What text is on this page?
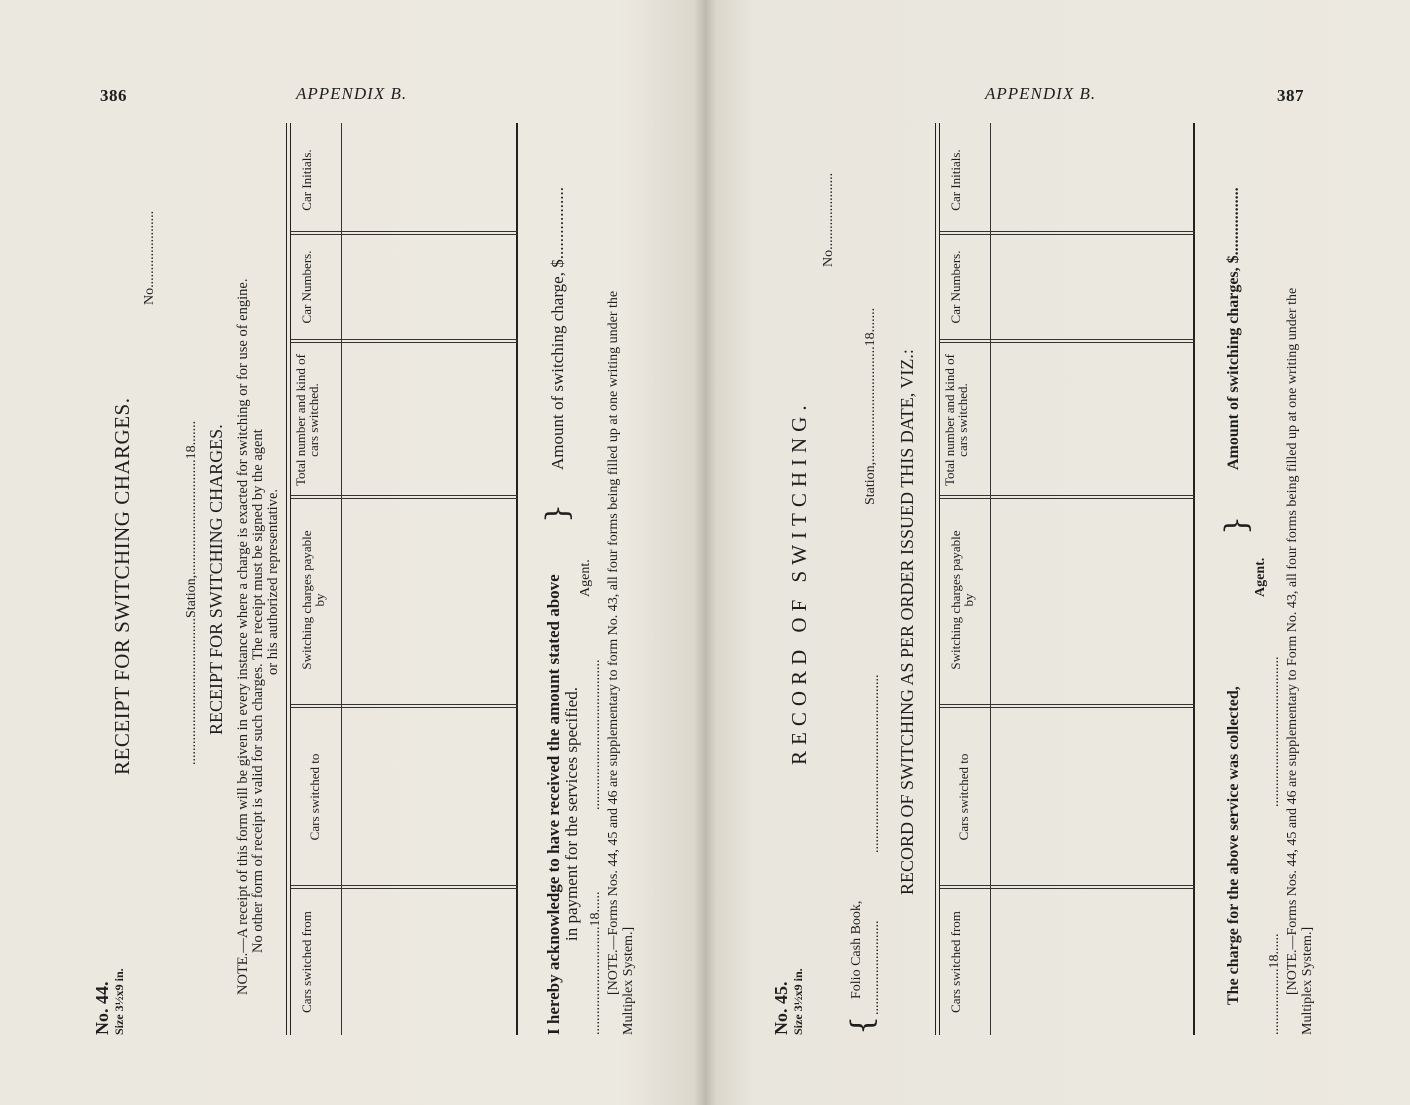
386	APPENDIX B.
No. 44. Size 3½x9 in.
RECEIPT FOR SWITCHING CHARGES.
No......................
..........................................Station,.................................18....... RECEIPT FOR SWITCHING CHARGES. NOTE.—A receipt of this form will be given in every instance where a charge is exacted for switching or for use of engine. No other form of receipt is valid for such charges. The receipt must be signed by the agent or his authorized representative.
Cars switched from
Cars switched to
Switching charges payable by
Total number and kind of cars switched.
Car Numbers.
Car Initials.
I hereby acknowledge to have received the amount stated above in payment for the services specified.
}
Amount of switching charge, $.................
...............................18......
...........................................
Agent. [NOTE.—Forms Nos. 44, 45 and 46 are supplementary to form No. 43, all four forms being filled up at one writing under the Multiplex System.]
APPENDIX B.	387
No. 45. Size 3½x9 in.
RECORD OF SWITCHING.
No......................
{
Folio Cash Book, ...........................
...................................................
Station,.................................18....... RECORD OF SWITCHING AS PER ORDER ISSUED THIS DATE, VIZ.:
Cars switched from
Cars switched to
Switching charges payable by
Total number and kind of cars switched.
Car Numbers.
Car Initials.
The charge for the above service was collected,
}
Amount of switching charges, $.................
...................18......
...........................................
Agent. [NOTE.—Forms Nos. 44, 45 and 46 are supplementary to Form No. 43, all four forms being filled up at one writing under the Multiplex System.]
